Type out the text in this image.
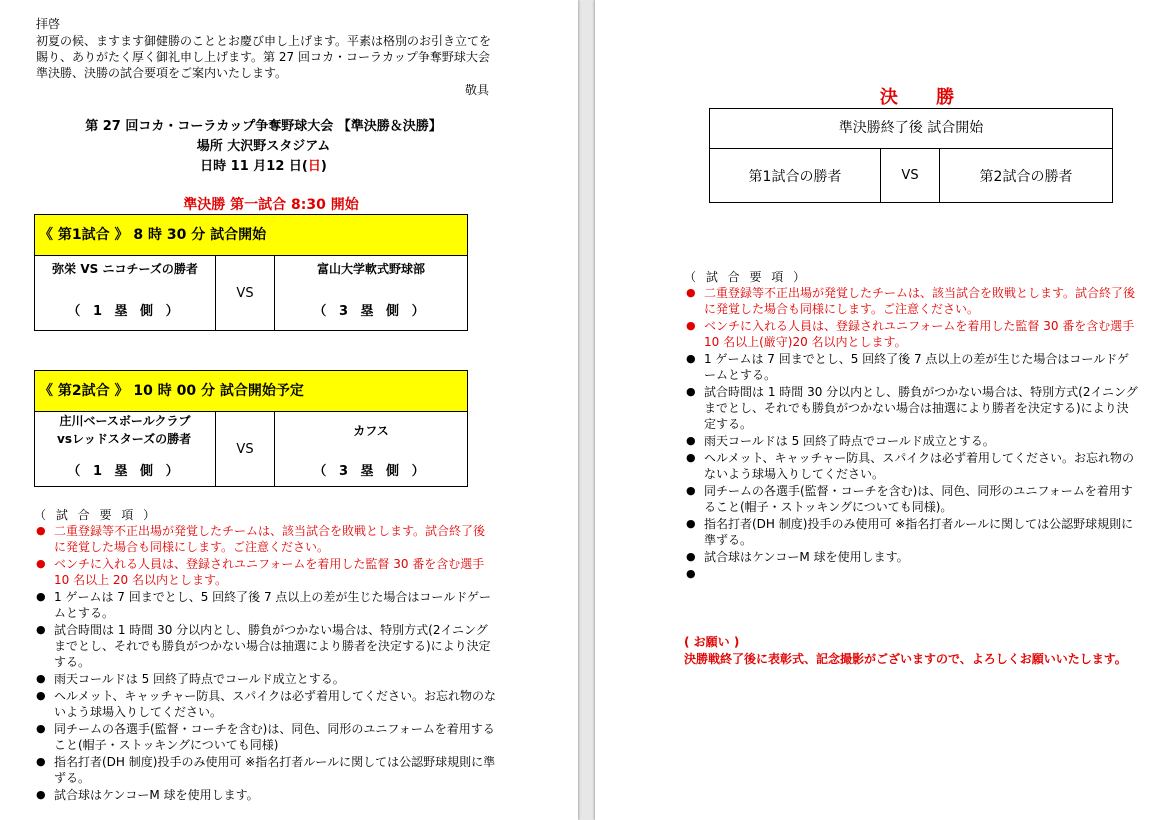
拝啓
初夏の候、ますます御健勝のこととお慶び申し上げます。平素は格別のお引き立てを賜り、ありがたく厚く御礼申し上げます。第 27 回コカ・コーラカップ争奪野球大会 準決勝、決勝の試合要項をご案内いたします。
敬具
第 27 回コカ・コーラカップ争奪野球大会 【準決勝＆決勝】
場所 大沢野スタジアム
日時 11 月12 日(日)
準決勝 第一試合 8:30 開始
《 第1試合 》 8 時 30 分 試合開始
弥栄 VS ニコチーズの勝者
（ 1 塁 側 ）
VS
富山大学軟式野球部
（ 3 塁 側 ）
《 第2試合 》 10 時 00 分 試合開始予定
庄川ベースボールクラブ
vsレッドスターズの勝者
（ 1 塁 側 ）
VS
カフス
（ 3 塁 側 ）
（ 試 合 要 項 ）
● 二重登録等不正出場が発覚したチームは、該当試合を敗戦とします。試合終了後に発覚した場合も同様にします。ご注意ください。
● ベンチに入れる人員は、登録されユニフォームを着用した監督 30 番を含む選手 10 名以上 20 名以内とします。
● 1 ゲームは 7 回までとし、5 回終了後 7 点以上の差が生じた場合はコールドゲームとする。
● 試合時間は 1 時間 30 分以内とし、勝負がつかない場合は、特別方式(2イニングまでとし、それでも勝負がつかない場合は抽選により勝者を決定する)により決定する。
● 雨天コールドは 5 回終了時点でコールド成立とする。
● ヘルメット、キャッチャー防具、スパイクは必ず着用してください。お忘れ物のないよう球場入りしてください。
● 同チームの各選手(監督・コーチを含む)は、同色、同形のユニフォームを着用すること(帽子・ストッキングについても同様)
● 指名打者(DH 制度)投手のみ使用可 ※指名打者ルールに関しては公認野球規則に準ずる。
● 試合球はケンコーM 球を使用します。
決 勝
準決勝終了後 試合開始
第1試合の勝者	VS	第2試合の勝者
（ 試 合 要 項 ）
● 二重登録等不正出場が発覚したチームは、該当試合を敗戦とします。試合終了後に発覚した場合も同様にします。ご注意ください。
● ベンチに入れる人員は、登録されユニフォームを着用した監督 30 番を含む選手 10 名以上(厳守)20 名以内とします。
● 1 ゲームは 7 回までとし、5 回終了後 7 点以上の差が生じた場合はコールドゲームとする。
● 試合時間は 1 時間 30 分以内とし、勝負がつかない場合は、特別方式(2イニングまでとし、それでも勝負がつかない場合は抽選により勝者を決定する)により決定する。
● 雨天コールドは 5 回終了時点でコールド成立とする。
● ヘルメット、キャッチャー防具、スパイクは必ず着用してください。お忘れ物のないよう球場入りしてください。
● 同チームの各選手(監督・コーチを含む)は、同色、同形のユニフォームを着用すること(帽子・ストッキングについても同様)。
● 指名打者(DH 制度)投手のみ使用可 ※指名打者ルールに関しては公認野球規則に準ずる。
● 試合球はケンコーM 球を使用します。
●
( お願い )
決勝戦終了後に表彰式、記念撮影がございますので、よろしくお願いいたします。
